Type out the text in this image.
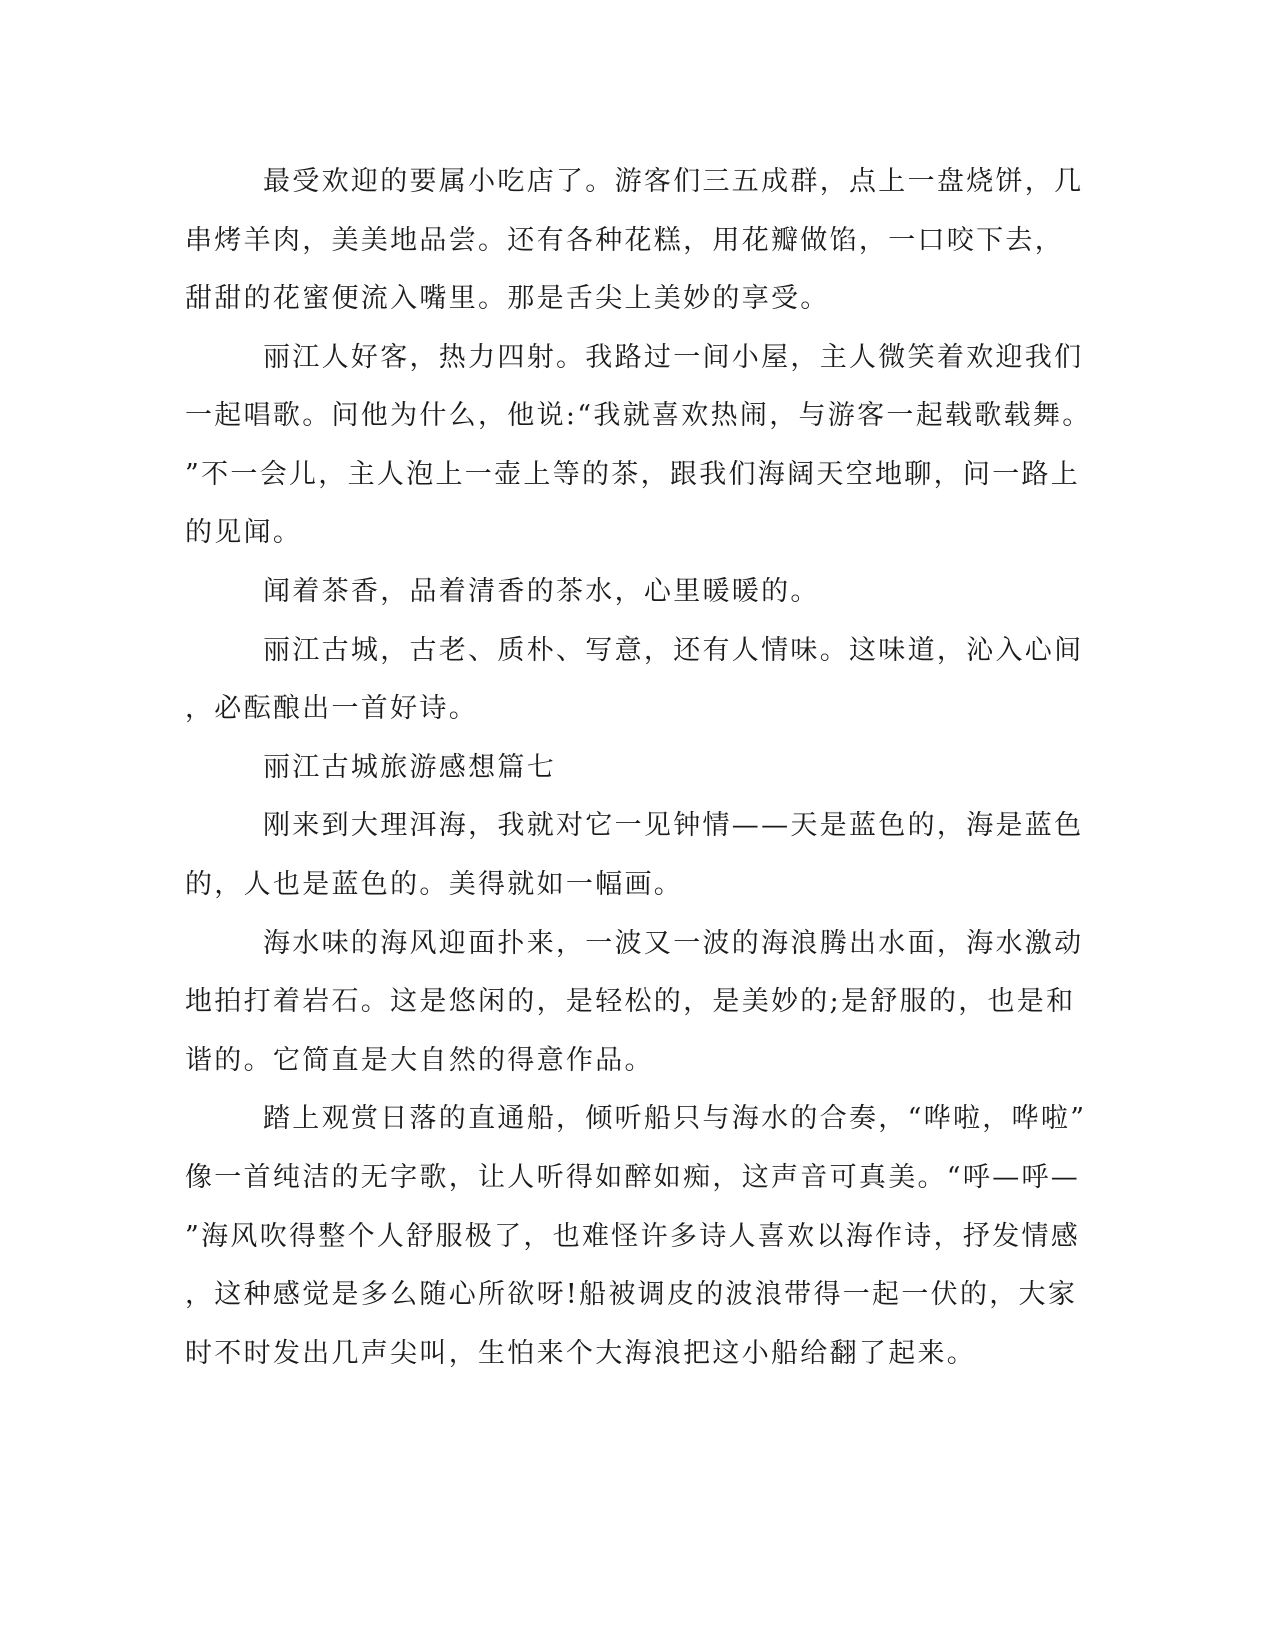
最受欢迎的要属小吃店了。游客们三五成群，点上一盘烧饼，几
串烤羊肉，美美地品尝。还有各种花糕，用花瓣做馅，一口咬下去，
甜甜的花蜜便流入嘴里。那是舌尖上美妙的享受。
丽江人好客，热力四射。我路过一间小屋，主人微笑着欢迎我们
一起唱歌。问他为什么，他说:“我就喜欢热闹，与游客一起载歌载舞。
”不一会儿，主人泡上一壶上等的茶，跟我们海阔天空地聊，问一路上
的见闻。
闻着茶香，品着清香的茶水，心里暖暖的。
丽江古城，古老、质朴、写意，还有人情味。这味道，沁入心间
，必酝酿出一首好诗。
丽江古城旅游感想篇七
刚来到大理洱海，我就对它一见钟情——天是蓝色的，海是蓝色
的，人也是蓝色的。美得就如一幅画。
海水味的海风迎面扑来，一波又一波的海浪腾出水面，海水激动
地拍打着岩石。这是悠闲的，是轻松的，是美妙的;是舒服的，也是和
谐的。它简直是大自然的得意作品。
踏上观赏日落的直通船，倾听船只与海水的合奏，“哗啦，哗啦”
像一首纯洁的无字歌，让人听得如醉如痴，这声音可真美。“呼—呼—
”海风吹得整个人舒服极了，也难怪许多诗人喜欢以海作诗，抒发情感
，这种感觉是多么随心所欲呀!船被调皮的波浪带得一起一伏的，大家
时不时发出几声尖叫，生怕来个大海浪把这小船给翻了起来。
